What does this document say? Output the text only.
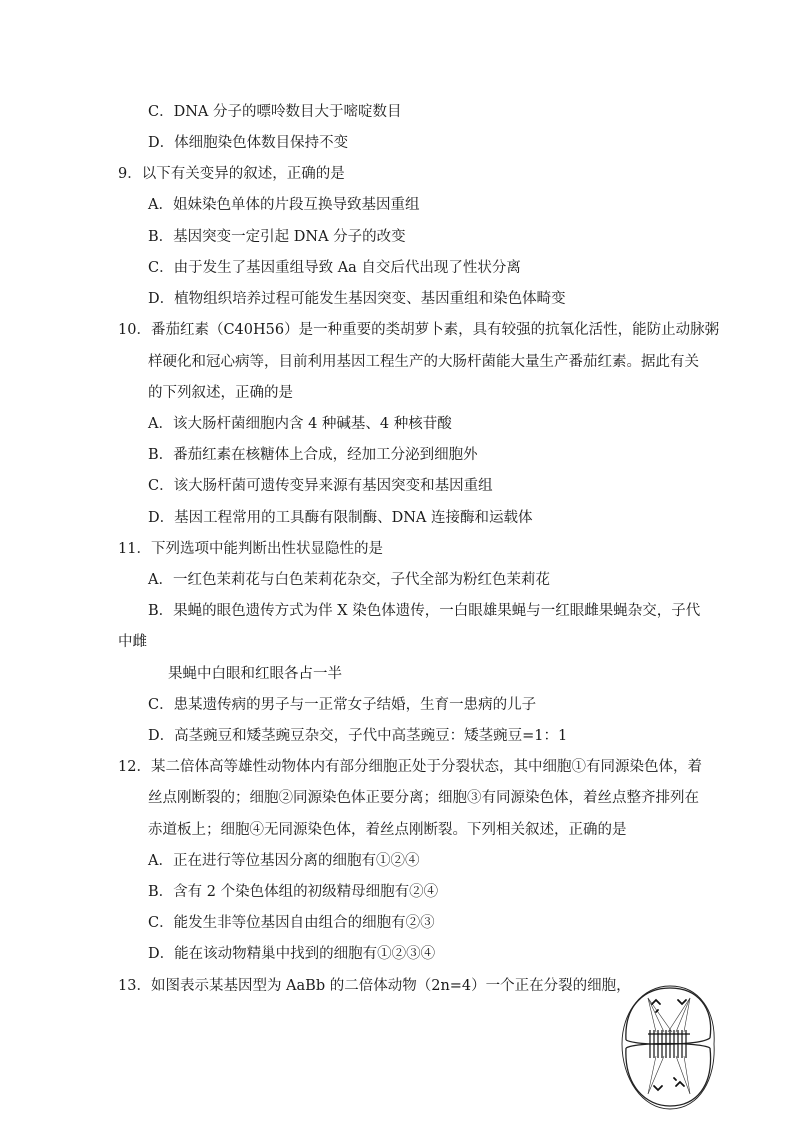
C．DNA 分子的嘌呤数目大于嘧啶数目
D．体细胞染色体数目保持不变
9．以下有关变异的叙述，正确的是
A．姐妹染色单体的片段互换导致基因重组
B．基因突变一定引起 DNA 分子的改变
C．由于发生了基因重组导致 Aa 自交后代出现了性状分离
D．植物组织培养过程可能发生基因突变、基因重组和染色体畸变
10．番茄红素（C40H56）是一种重要的类胡萝卜素，具有较强的抗氧化活性，能防止动脉粥
样硬化和冠心病等，目前利用基因工程生产的大肠杆菌能大量生产番茄红素。据此有关
的下列叙述，正确的是
A．该大肠杆菌细胞内含 4 种碱基、4 种核苷酸
B．番茄红素在核糖体上合成，经加工分泌到细胞外
C．该大肠杆菌可遗传变异来源有基因突变和基因重组
D．基因工程常用的工具酶有限制酶、DNA 连接酶和运载体
11．下列选项中能判断出性状显隐性的是
A．一红色茉莉花与白色茉莉花杂交，子代全部为粉红色茉莉花
B．果蝇的眼色遗传方式为伴 X 染色体遗传，一白眼雄果蝇与一红眼雌果蝇杂交，子代
中雌
果蝇中白眼和红眼各占一半
C．患某遗传病的男子与一正常女子结婚，生育一患病的儿子
D．高茎豌豆和矮茎豌豆杂交，子代中高茎豌豆：矮茎豌豆=1：1
12．某二倍体高等雄性动物体内有部分细胞正处于分裂状态，其中细胞①有同源染色体，着
丝点刚断裂的；细胞②同源染色体正要分离；细胞③有同源染色体，着丝点整齐排列在
赤道板上；细胞④无同源染色体，着丝点刚断裂。下列相关叙述，正确的是
A．正在进行等位基因分离的细胞有①②④
B．含有 2 个染色体组的初级精母细胞有②④
C．能发生非等位基因自由组合的细胞有②③
D．能在该动物精巢中找到的细胞有①②③④
13．如图表示某基因型为 AaBb 的二倍体动物（2n=4）一个正在分裂的细胞，
